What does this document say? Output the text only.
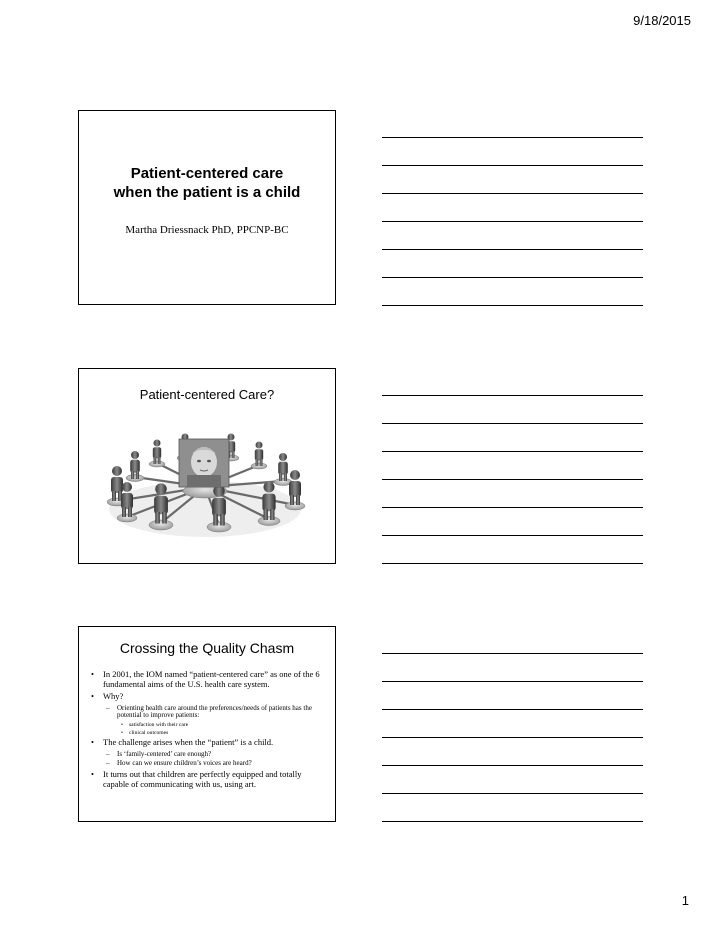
9/18/2015
Patient-centered care
when the patient is a child
Martha Driessnack PhD, PPCNP-BC
Patient-centered Care?
Crossing the Quality Chasm
• In 2001, the IOM named “patient-centered care” as one of the 6 fundamental aims of the U.S. health care system.
• Why?
– Orienting health care around the preferences/needs of patients has the potential to improve patients:
• satisfaction with their care
• clinical outcomes
• The challenge arises when the “patient” is a child.
– Is ‘family-centered’ care enough?
– How can we ensure children’s voices are heard?
• It turns out that children are perfectly equipped and totally capable of communicating with us, using art.
1
